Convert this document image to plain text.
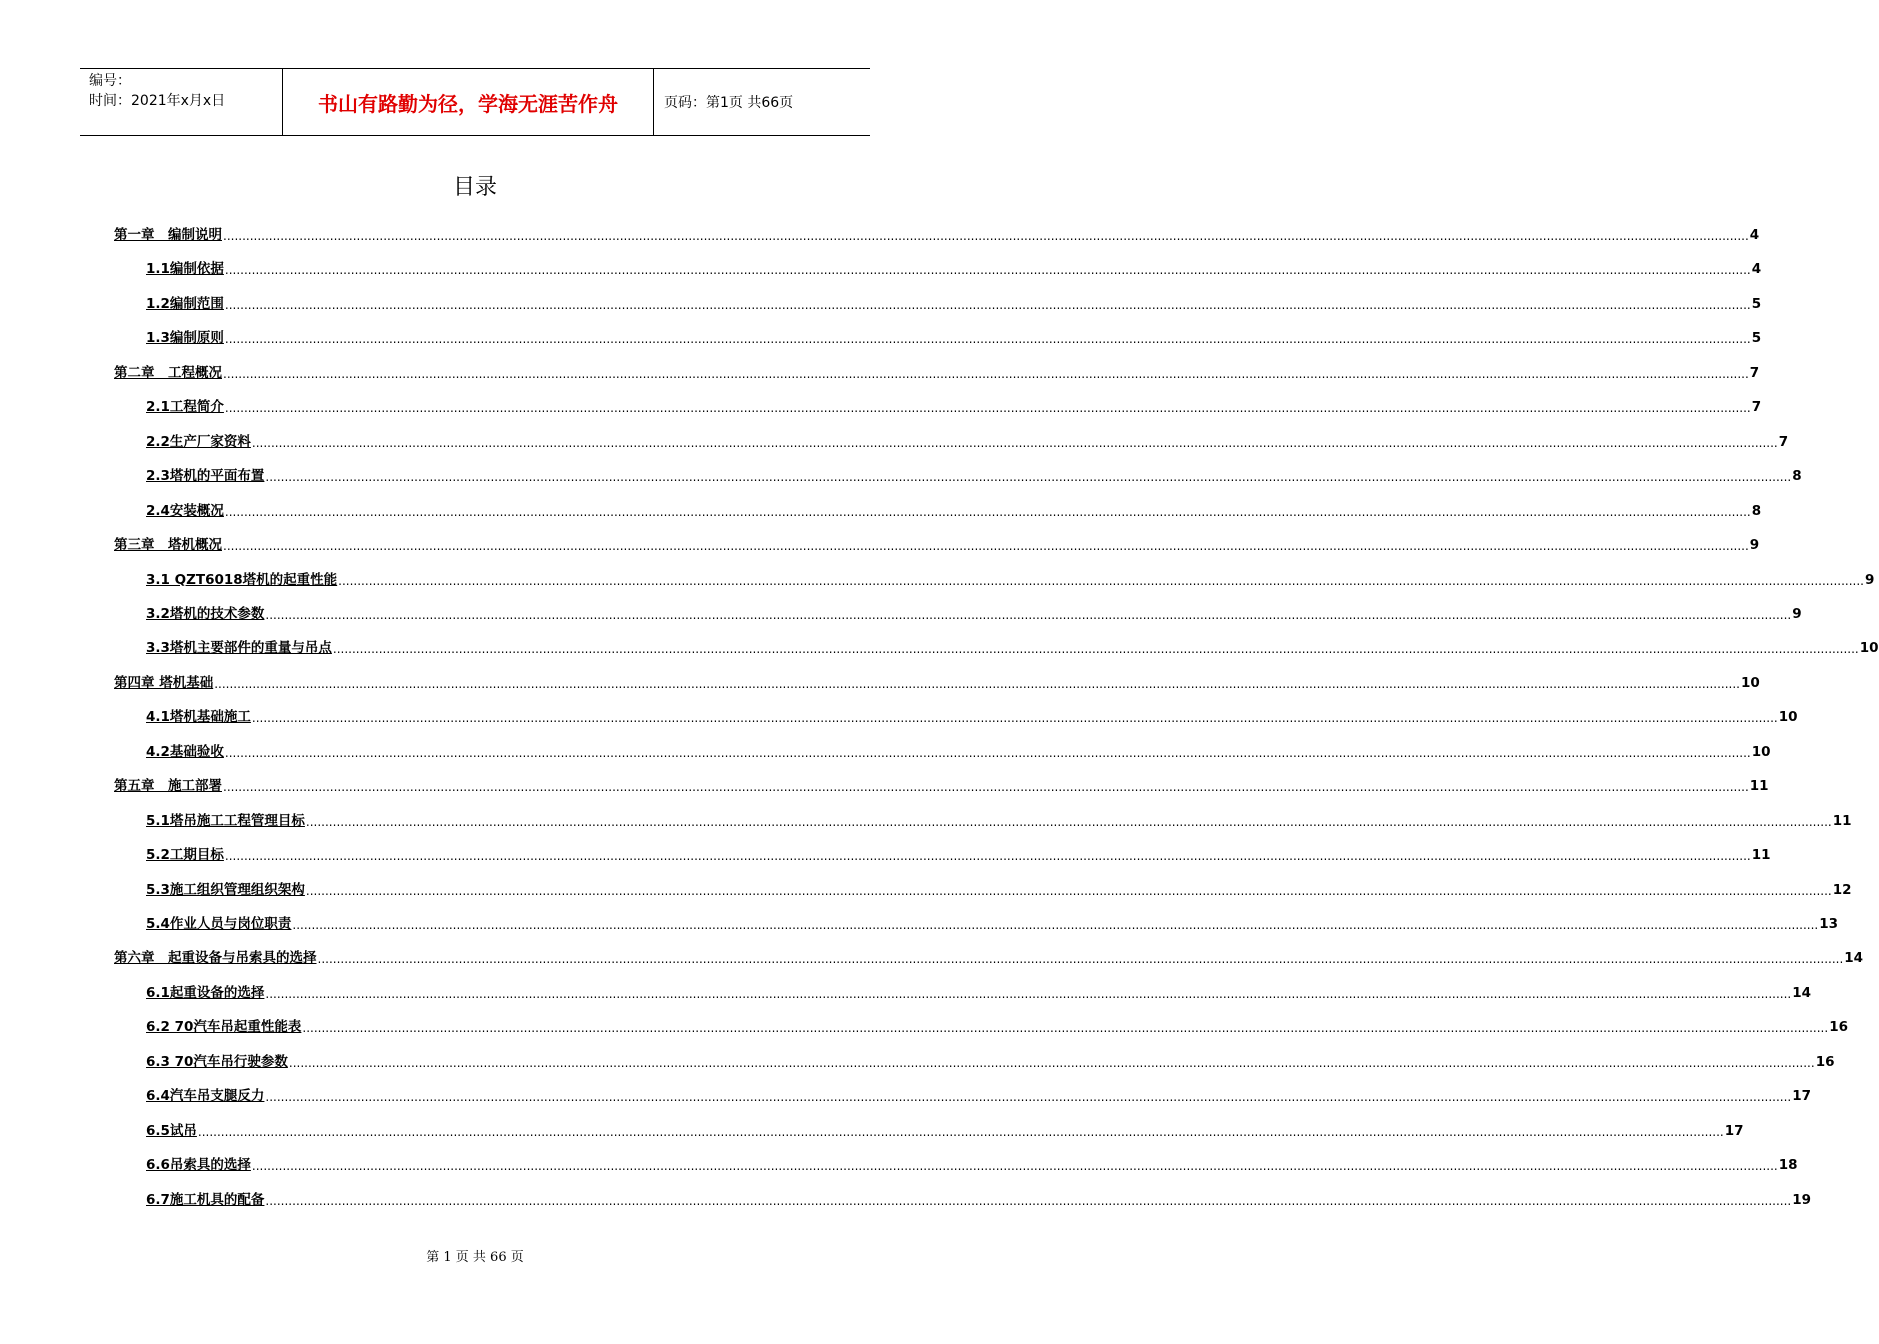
编号：
时间：2021年x月x日	书山有路勤为径，学海无涯苦作舟	页码：第1页 共66页
目录
第一章　编制说明 ................................................................................................................................................................................................................................................................................................................................................................................................................ 4
1.1编制依据 ................................................................................................................................................................................................................................................................................................................................................................................................................ 4
1.2编制范围 ................................................................................................................................................................................................................................................................................................................................................................................................................ 5
1.3编制原则 ................................................................................................................................................................................................................................................................................................................................................................................................................ 5
第二章　工程概况 ................................................................................................................................................................................................................................................................................................................................................................................................................ 7
2.1工程简介 ................................................................................................................................................................................................................................................................................................................................................................................................................ 7
2.2生产厂家资料 ................................................................................................................................................................................................................................................................................................................................................................................................................ 7
2.3塔机的平面布置 ................................................................................................................................................................................................................................................................................................................................................................................................................ 8
2.4安装概况 ................................................................................................................................................................................................................................................................................................................................................................................................................ 8
第三章　塔机概况 ................................................................................................................................................................................................................................................................................................................................................................................................................ 9
3.1 QZT6018塔机的起重性能 ................................................................................................................................................................................................................................................................................................................................................................................................................ 9
3.2塔机的技术参数 ................................................................................................................................................................................................................................................................................................................................................................................................................ 9
3.3塔机主要部件的重量与吊点 ................................................................................................................................................................................................................................................................................................................................................................................................................ 10
第四章 塔机基础 ................................................................................................................................................................................................................................................................................................................................................................................................................ 10
4.1塔机基础施工 ................................................................................................................................................................................................................................................................................................................................................................................................................ 10
4.2基础验收 ................................................................................................................................................................................................................................................................................................................................................................................................................ 10
第五章　施工部署 ................................................................................................................................................................................................................................................................................................................................................................................................................ 11
5.1塔吊施工工程管理目标 ................................................................................................................................................................................................................................................................................................................................................................................................................ 11
5.2工期目标 ................................................................................................................................................................................................................................................................................................................................................................................................................ 11
5.3施工组织管理组织架构 ................................................................................................................................................................................................................................................................................................................................................................................................................ 12
5.4作业人员与岗位职责 ................................................................................................................................................................................................................................................................................................................................................................................................................ 13
第六章　起重设备与吊索具的选择 ................................................................................................................................................................................................................................................................................................................................................................................................................ 14
6.1起重设备的选择 ................................................................................................................................................................................................................................................................................................................................................................................................................ 14
6.2 70汽车吊起重性能表 ................................................................................................................................................................................................................................................................................................................................................................................................................ 16
6.3 70汽车吊行驶参数 ................................................................................................................................................................................................................................................................................................................................................................................................................ 16
6.4汽车吊支腿反力 ................................................................................................................................................................................................................................................................................................................................................................................................................ 17
6.5试吊 ................................................................................................................................................................................................................................................................................................................................................................................................................ 17
6.6吊索具的选择 ................................................................................................................................................................................................................................................................................................................................................................................................................ 18
6.7施工机具的配备 ................................................................................................................................................................................................................................................................................................................................................................................................................ 19
第 1 页 共 66 页
